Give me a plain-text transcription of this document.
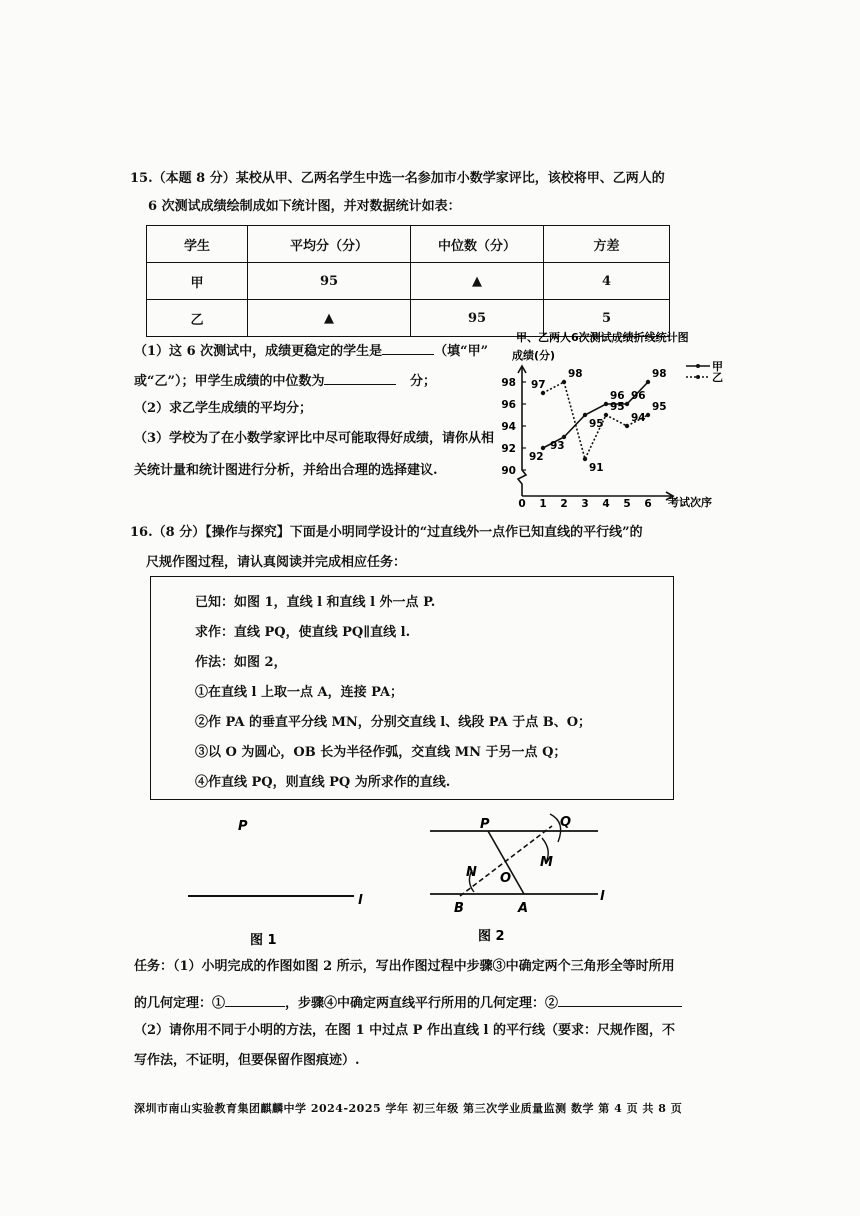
15.（本题 8 分）某校从甲、乙两名学生中选一名参加市小数学家评比，该校将甲、乙两人的
6 次测试成绩绘制成如下统计图，并对数据统计如表：
学生	平均分（分）	中位数（分）	方差
甲	95	▲	4
乙	▲	95	5
（1）这 6 次测试中，成绩更稳定的学生是	（填“甲”
或“乙”）；甲学生成绩的中位数为	分；
（2）求乙学生成绩的平均分；
（3）学校为了在小数学家评比中尽可能取得好成绩，请你从相
关统计量和统计图进行分析，并给出合理的选择建议.
甲、乙两人6次测试成绩折线统计图
成绩(分)
90
92
94
96
98
0 1 2 3 4 5 6
92
93
95
96 96
98
97
98
91
95
94
95
甲
乙
考试次序
16.（8 分）【操作与探究】下面是小明同学设计的“过直线外一点作已知直线的平行线”的
尺规作图过程，请认真阅读并完成相应任务：
已知：如图 1，直线 l 和直线 l 外一点 P.
求作：直线 PQ，使直线 PQ∥直线 l.
作法：如图 2，
①在直线 l 上取一点 A，连接 PA；
②作 PA 的垂直平分线 MN，分别交直线 l、线段 PA 于点 B、O；
③以 O 为圆心，OB 长为半径作弧，交直线 MN 于另一点 Q；
④作直线 PQ，则直线 PQ 为所求作的直线.
P
l
图 1
P	Q
M
N O
B	A
l
图 2
任务：（1）小明完成的作图如图 2 所示，写出作图过程中步骤③中确定两个三角形全等时所用
的几何定理：①	，步骤④中确定两直线平行所用的几何定理：②
（2）请你用不同于小明的方法，在图 1 中过点 P 作出直线 l 的平行线（要求：尺规作图，不
写作法，不证明，但要保留作图痕迹）.
深圳市南山实验教育集团麒麟中学 2024-2025 学年 初三年级 第三次学业质量监测 数学 第 4 页 共 8 页
